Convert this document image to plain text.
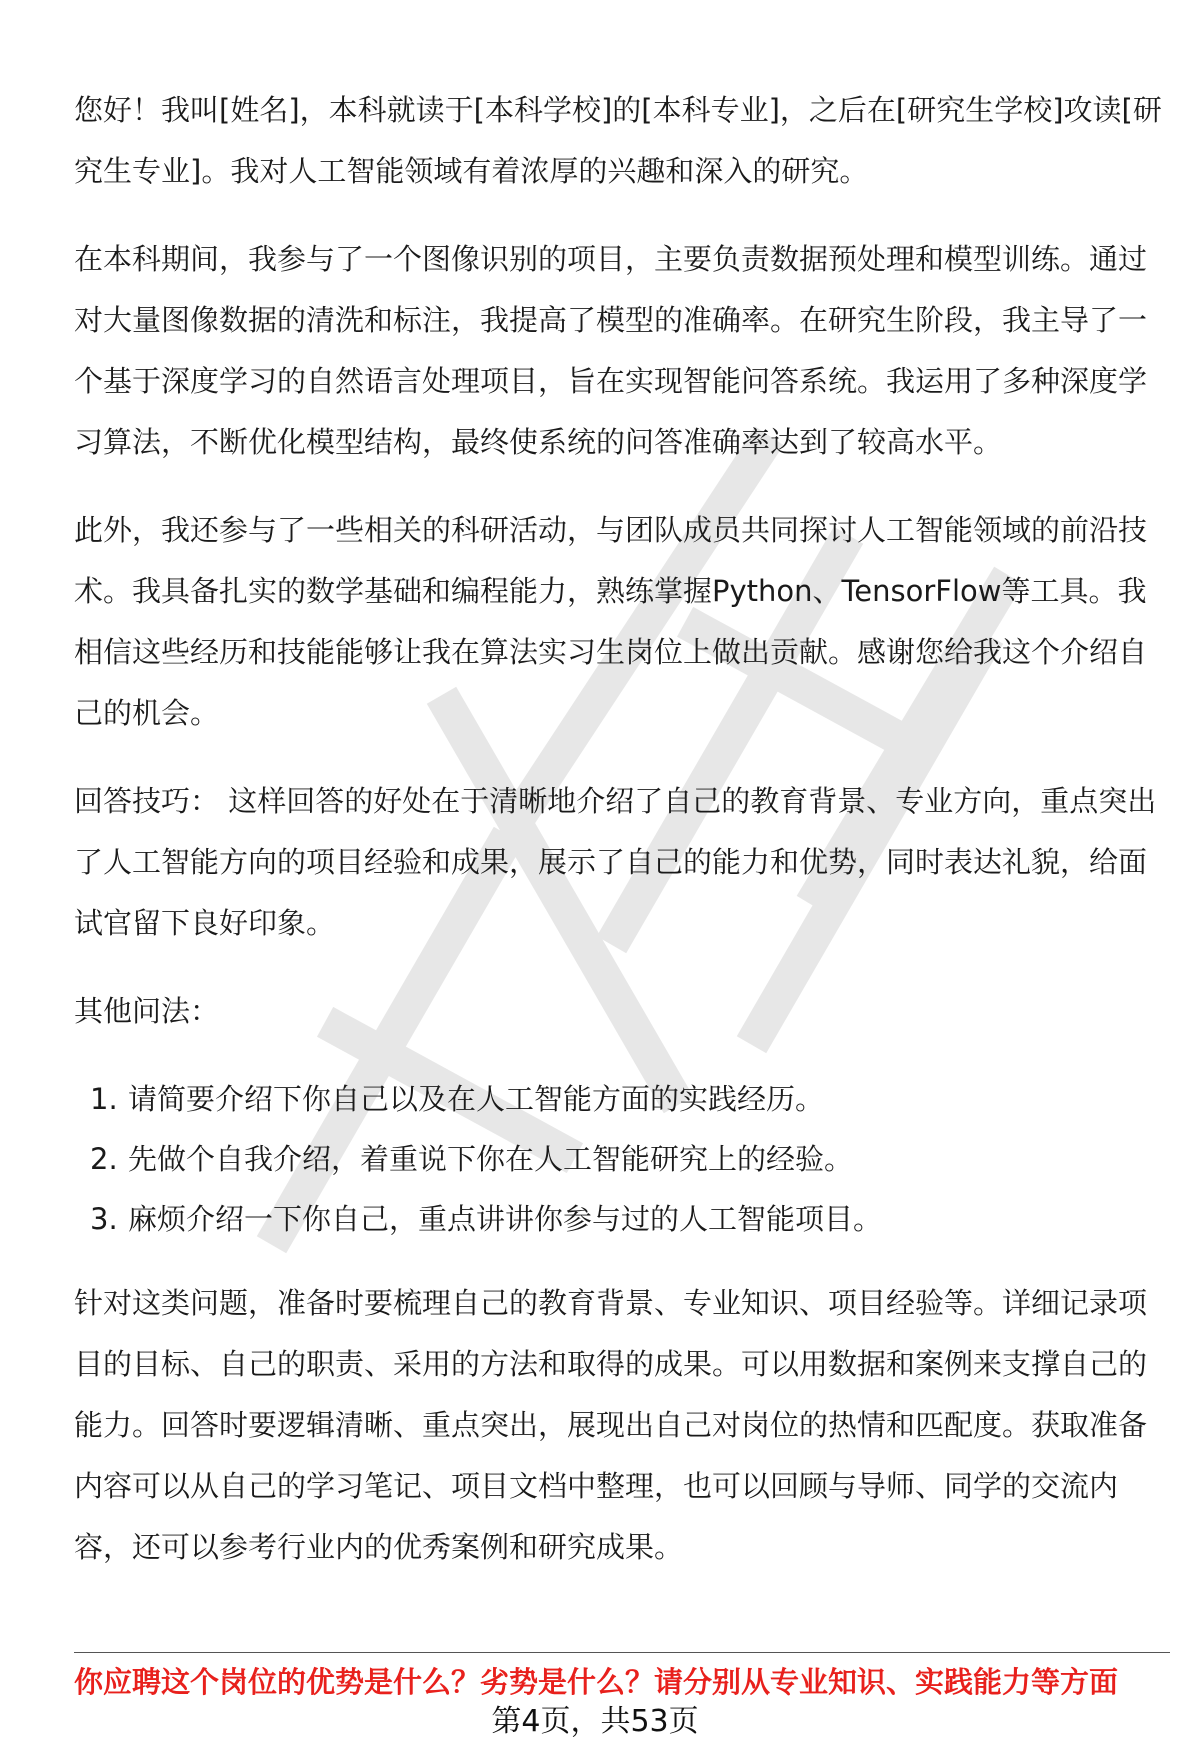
您好！我叫[姓名]，本科就读于[本科学校]的[本科专业]，之后在[研究生学校]攻读[研究生专业]。我对人工智能领域有着浓厚的兴趣和深入的研究。

在本科期间，我参与了一个图像识别的项目，主要负责数据预处理和模型训练。通过对大量图像数据的清洗和标注，我提高了模型的准确率。在研究生阶段，我主导了一个基于深度学习的自然语言处理项目，旨在实现智能问答系统。我运用了多种深度学习算法，不断优化模型结构，最终使系统的问答准确率达到了较高水平。

此外，我还参与了一些相关的科研活动，与团队成员共同探讨人工智能领域的前沿技术。我具备扎实的数学基础和编程能力，熟练掌握Python、TensorFlow等工具。我相信这些经历和技能能够让我在算法实习生岗位上做出贡献。感谢您给我这个介绍自己的机会。

回答技巧： 这样回答的好处在于清晰地介绍了自己的教育背景、专业方向，重点突出了人工智能方向的项目经验和成果，展示了自己的能力和优势，同时表达礼貌，给面试官留下良好印象。

其他问法：

1. 请简要介绍下你自己以及在人工智能方面的实践经历。
2. 先做个自我介绍，着重说下你在人工智能研究上的经验。
3. 麻烦介绍一下你自己，重点讲讲你参与过的人工智能项目。

针对这类问题，准备时要梳理自己的教育背景、专业知识、项目经验等。详细记录项目的目标、自己的职责、采用的方法和取得的成果。可以用数据和案例来支撑自己的能力。回答时要逻辑清晰、重点突出，展现出自己对岗位的热情和匹配度。获取准备内容可以从自己的学习笔记、项目文档中整理，也可以回顾与导师、同学的交流内容，还可以参考行业内的优秀案例和研究成果。

你应聘这个岗位的优势是什么？劣势是什么？请分别从专业知识、实践能力等方面
第4页，共53页
